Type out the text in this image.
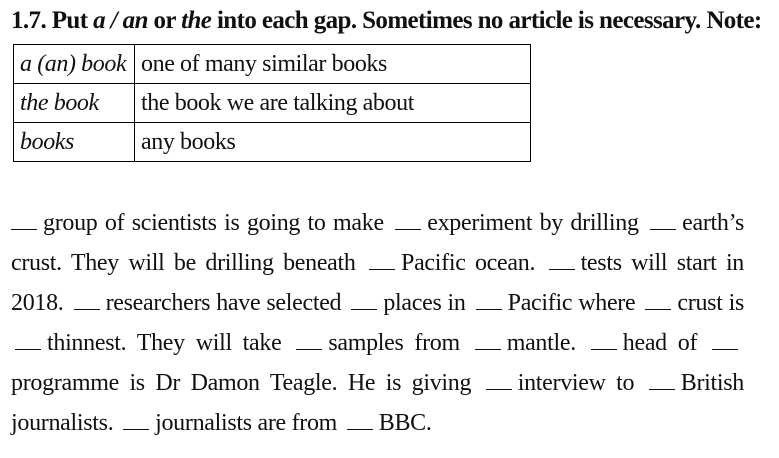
1.7. Put a / an or the into each gap. Sometimes no article is necessary. Note:
a (an) book	one of many similar books
the book	the book we are talking about
books	any books
group of scientists is going to make experiment by drilling earth’s crust. They will be drilling beneath Pacific ocean. tests will start in 2018. researchers have selected places in Pacific where crust is thinnest. They will take samples from mantle. head of programme is Dr Damon Teagle. He is giving interview to British journalists. journalists are from BBC.
